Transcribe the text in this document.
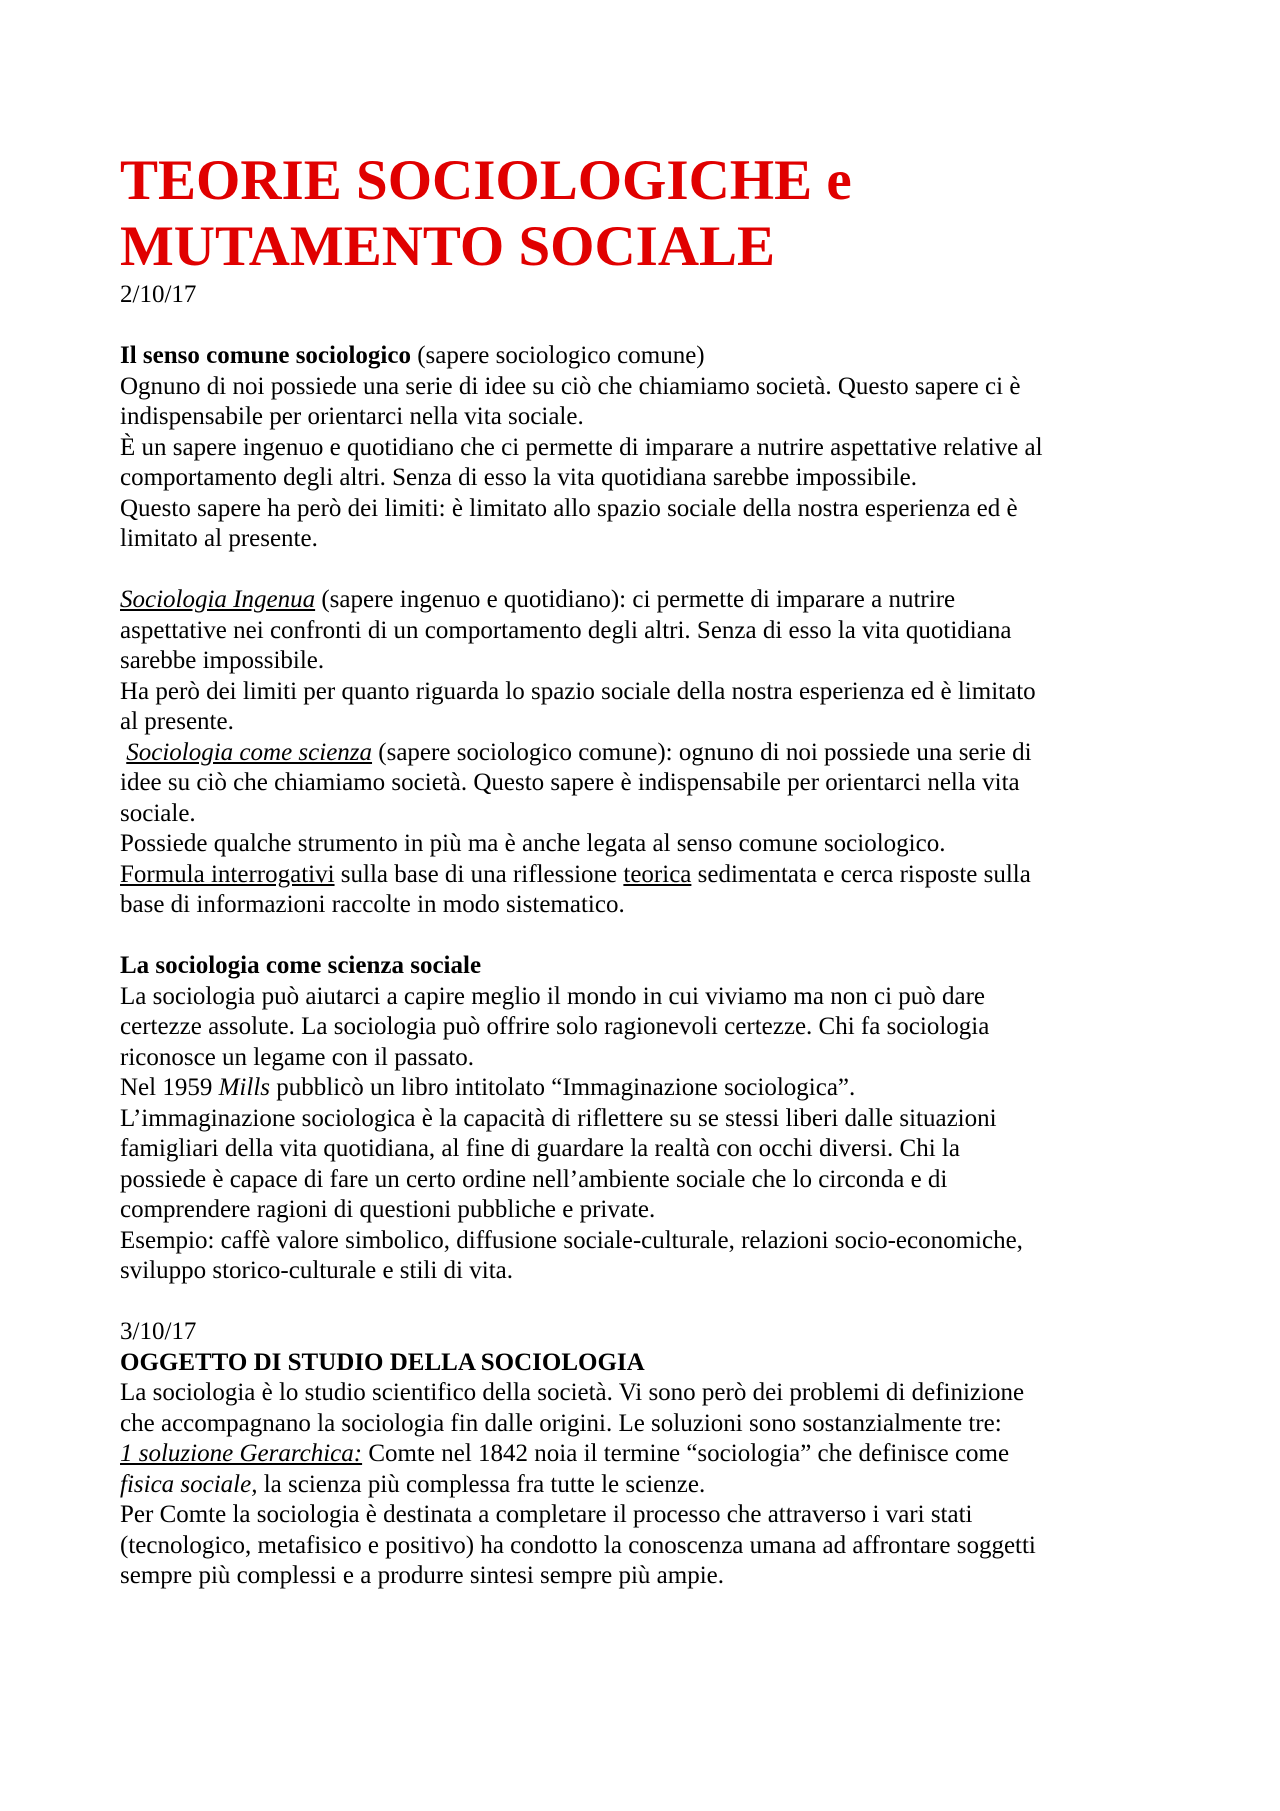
TEORIE SOCIOLOGICHE e
MUTAMENTO SOCIALE
2/10/17
Il senso comune sociologico (sapere sociologico comune)
Ognuno di noi possiede una serie di idee su ciò che chiamiamo società. Questo sapere ci è
indispensabile per orientarci nella vita sociale.
È un sapere ingenuo e quotidiano che ci permette di imparare a nutrire aspettative relative al
comportamento degli altri. Senza di esso la vita quotidiana sarebbe impossibile.
Questo sapere ha però dei limiti: è limitato allo spazio sociale della nostra esperienza ed è
limitato al presente.
Sociologia Ingenua (sapere ingenuo e quotidiano): ci permette di imparare a nutrire
aspettative nei confronti di un comportamento degli altri. Senza di esso la vita quotidiana
sarebbe impossibile.
Ha però dei limiti per quanto riguarda lo spazio sociale della nostra esperienza ed è limitato
al presente.
Sociologia come scienza (sapere sociologico comune): ognuno di noi possiede una serie di
idee su ciò che chiamiamo società. Questo sapere è indispensabile per orientarci nella vita
sociale.
Possiede qualche strumento in più ma è anche legata al senso comune sociologico.
Formula interrogativi sulla base di una riflessione teorica sedimentata e cerca risposte sulla
base di informazioni raccolte in modo sistematico.
La sociologia come scienza sociale
La sociologia può aiutarci a capire meglio il mondo in cui viviamo ma non ci può dare
certezze assolute. La sociologia può offrire solo ragionevoli certezze. Chi fa sociologia
riconosce un legame con il passato.
Nel 1959 Mills pubblicò un libro intitolato “Immaginazione sociologica”.
L’immaginazione sociologica è la capacità di riflettere su se stessi liberi dalle situazioni
famigliari della vita quotidiana, al fine di guardare la realtà con occhi diversi. Chi la
possiede è capace di fare un certo ordine nell’ambiente sociale che lo circonda e di
comprendere ragioni di questioni pubbliche e private.
Esempio: caffè valore simbolico, diffusione sociale-culturale, relazioni socio-economiche,
sviluppo storico-culturale e stili di vita.
3/10/17
OGGETTO DI STUDIO DELLA SOCIOLOGIA
La sociologia è lo studio scientifico della società. Vi sono però dei problemi di definizione
che accompagnano la sociologia fin dalle origini. Le soluzioni sono sostanzialmente tre:
1 soluzione Gerarchica: Comte nel 1842 noia il termine “sociologia” che definisce come
fisica sociale, la scienza più complessa fra tutte le scienze.
Per Comte la sociologia è destinata a completare il processo che attraverso i vari stati
(tecnologico, metafisico e positivo) ha condotto la conoscenza umana ad affrontare soggetti
sempre più complessi e a produrre sintesi sempre più ampie.
